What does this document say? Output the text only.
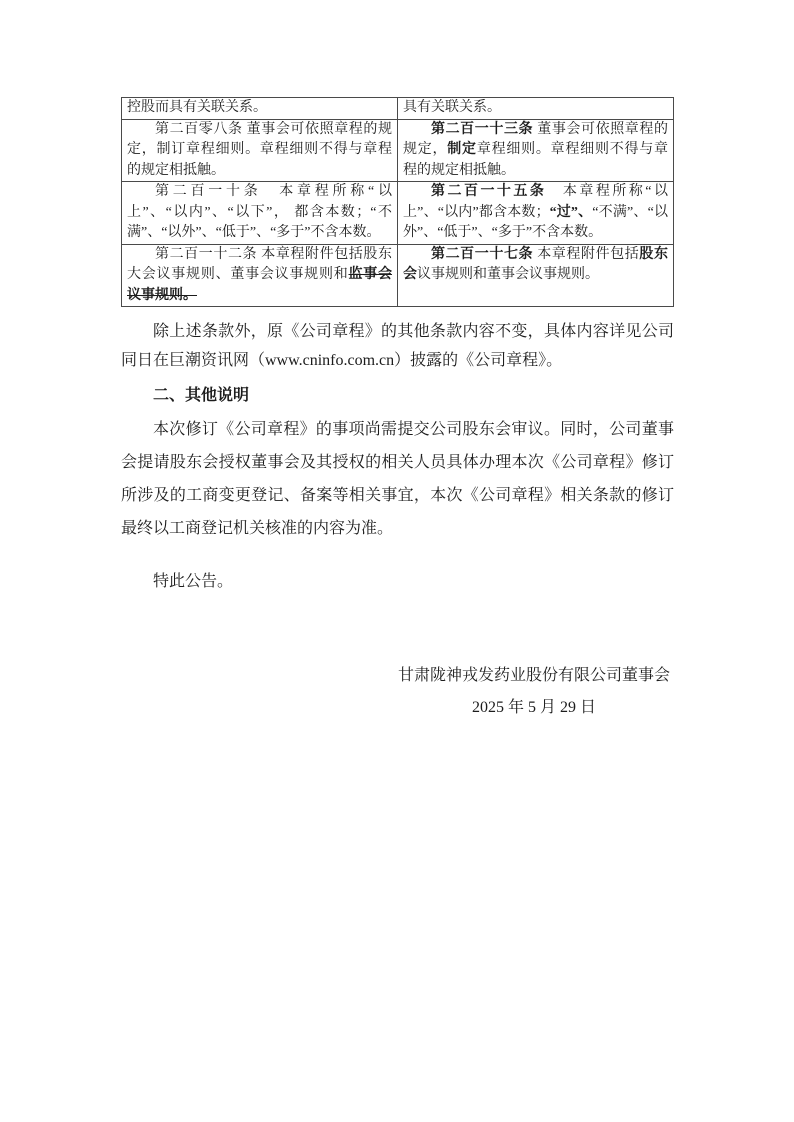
控股而具有关联关系。	具有关联关系。

第二百零八条 董事会可依照章程的规定，制订章程细则。章程细则不得与章程的规定相抵触。	第二百一十三条 董事会可依照章程的规定，制定章程细则。章程细则不得与章程的规定相抵触。

第二百一十条　本章程所称“以上”、“以内”、“以下”， 都含本数；“不满”、“以外”、“低于”、“多于”不含本数。	第二百一十五条　本章程所称“以上”、“以内”都含本数；“过”、“不满”、“以外”、“低于”、“多于”不含本数。

第二百一十二条 本章程附件包括股东大会议事规则、董事会议事规则和监事会议事规则。	第二百一十七条 本章程附件包括股东会议事规则和董事会议事规则。
除上述条款外，原《公司章程》的其他条款内容不变，具体内容详见公司同日在巨潮资讯网（www.cninfo.com.cn）披露的《公司章程》。
二、其他说明
本次修订《公司章程》的事项尚需提交公司股东会审议。同时，公司董事会提请股东会授权董事会及其授权的相关人员具体办理本次《公司章程》修订所涉及的工商变更登记、备案等相关事宜，本次《公司章程》相关条款的修订最终以工商登记机关核准的内容为准。
特此公告。
甘肃陇神戎发药业股份有限公司董事会
2025 年 5 月 29 日
